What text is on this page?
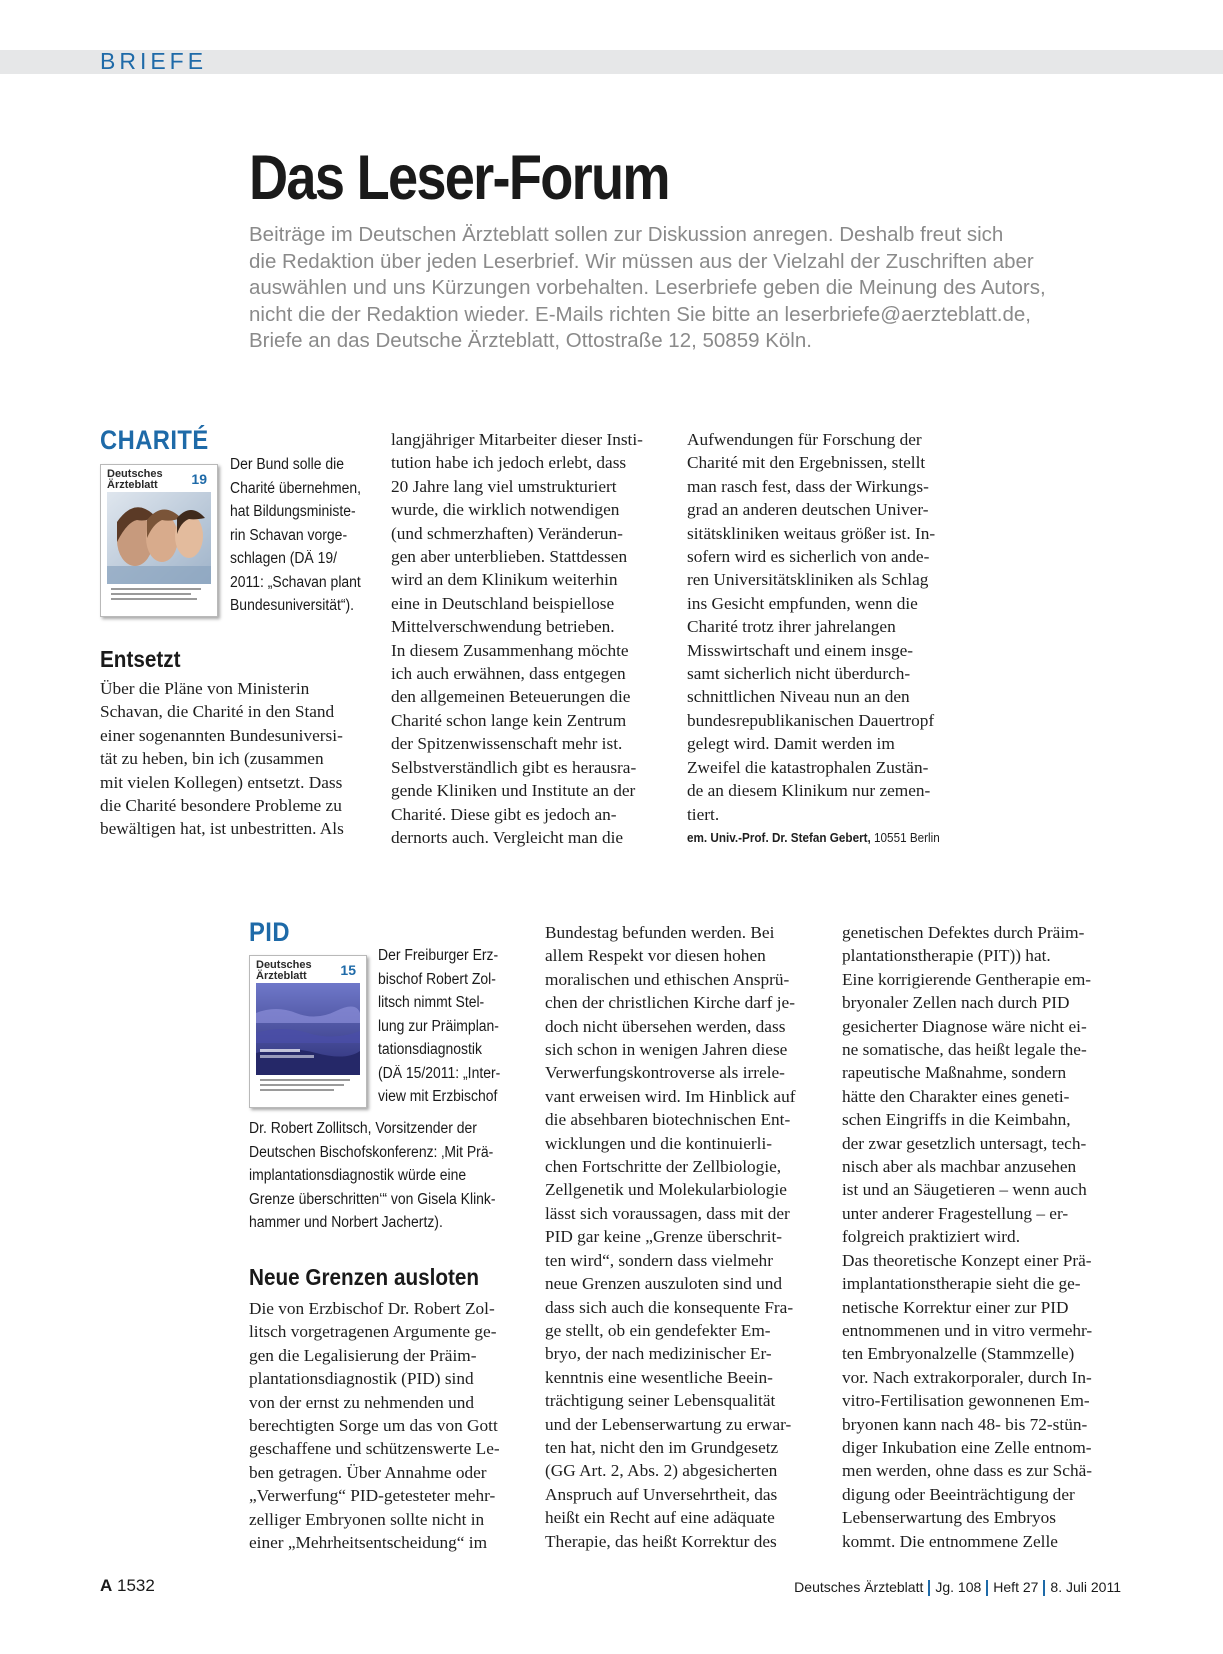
BRIEFE
Das Leser-Forum
Beiträge im Deutschen Ärzteblatt sollen zur Diskussion anregen. Deshalb freut sich
die Redaktion über jeden Leserbrief. Wir müssen aus der Vielzahl der Zuschriften aber
auswählen und uns Kürzungen vorbehalten. Leserbriefe geben die Meinung des Autors,
nicht die der Redaktion wieder. E-Mails richten Sie bitte an leserbriefe@aerzteblatt.de,
Briefe an das Deutsche Ärzteblatt, Ottostraße 12, 50859 Köln.
CHARITÉ
Deutsches
Ärzteblatt	19
Der Bund solle die
Charité übernehmen,
hat Bildungsministe-
rin Schavan vorge-
schlagen (DÄ 19/
2011: „Schavan plant
Bundesuniversität“).
Entsetzt
Über die Pläne von Ministerin
Schavan, die Charité in den Stand
einer sogenannten Bundesuniversi-
tät zu heben, bin ich (zusammen
mit vielen Kollegen) entsetzt. Dass
die Charité besondere Probleme zu
bewältigen hat, ist unbestritten. Als
langjähriger Mitarbeiter dieser Insti-
tution habe ich jedoch erlebt, dass
20 Jahre lang viel umstrukturiert
wurde, die wirklich notwendigen
(und schmerzhaften) Veränderun-
gen aber unterblieben. Stattdessen
wird an dem Klinikum weiterhin
eine in Deutschland beispiellose
Mittelverschwendung betrieben.
In diesem Zusammenhang möchte
ich auch erwähnen, dass entgegen
den allgemeinen Beteuerungen die
Charité schon lange kein Zentrum
der Spitzenwissenschaft mehr ist.
Selbstverständlich gibt es herausra-
gende Kliniken und Institute an der
Charité. Diese gibt es jedoch an-
dernorts auch. Vergleicht man die
Aufwendungen für Forschung der
Charité mit den Ergebnissen, stellt
man rasch fest, dass der Wirkungs-
grad an anderen deutschen Univer-
sitätskliniken weitaus größer ist. In-
sofern wird es sicherlich von ande-
ren Universitätskliniken als Schlag
ins Gesicht empfunden, wenn die
Charité trotz ihrer jahrelangen
Misswirtschaft und einem insge-
samt sicherlich nicht überdurch-
schnittlichen Niveau nun an den
bundesrepublikanischen Dauertropf
gelegt wird. Damit werden im
Zweifel die katastrophalen Zustän-
de an diesem Klinikum nur zemen-
tiert.
em. Univ.-Prof. Dr. Stefan Gebert, 10551 Berlin
PID
Deutsches
Ärzteblatt	15
Der Freiburger Erz-
bischof Robert Zol-
litsch nimmt Stel-
lung zur Präimplan-
tationsdiagnostik
(DÄ 15/2011: „Inter-
view mit Erzbischof
Dr. Robert Zollitsch, Vorsitzender der
Deutschen Bischofskonferenz: ‚Mit Prä-
implantationsdiagnostik würde eine
Grenze überschritten‘“ von Gisela Klink-
hammer und Norbert Jachertz).
Neue Grenzen ausloten
Die von Erzbischof Dr. Robert Zol-
litsch vorgetragenen Argumente ge-
gen die Legalisierung der Präim-
plantationsdiagnostik (PID) sind
von der ernst zu nehmenden und
berechtigten Sorge um das von Gott
geschaffene und schützenswerte Le-
ben getragen. Über Annahme oder
„Verwerfung“ PID-getesteter mehr-
zelliger Embryonen sollte nicht in
einer „Mehrheitsentscheidung“ im
Bundestag befunden werden. Bei
allem Respekt vor diesen hohen
moralischen und ethischen Ansprü-
chen der christlichen Kirche darf je-
doch nicht übersehen werden, dass
sich schon in wenigen Jahren diese
Verwerfungskontroverse als irrele-
vant erweisen wird. Im Hinblick auf
die absehbaren biotechnischen Ent-
wicklungen und die kontinuierli-
chen Fortschritte der Zellbiologie,
Zellgenetik und Molekularbiologie
lässt sich voraussagen, dass mit der
PID gar keine „Grenze überschrit-
ten wird“, sondern dass vielmehr
neue Grenzen auszuloten sind und
dass sich auch die konsequente Fra-
ge stellt, ob ein gendefekter Em-
bryo, der nach medizinischer Er-
kenntnis eine wesentliche Beein-
trächtigung seiner Lebensqualität
und der Lebenserwartung zu erwar-
ten hat, nicht den im Grundgesetz
(GG Art. 2, Abs. 2) abgesicherten
Anspruch auf Unversehrtheit, das
heißt ein Recht auf eine adäquate
Therapie, das heißt Korrektur des
genetischen Defektes durch Präim-
plantationstherapie (PIT)) hat.
Eine korrigierende Gentherapie em-
bryonaler Zellen nach durch PID
gesicherter Diagnose wäre nicht ei-
ne somatische, das heißt legale the-
rapeutische Maßnahme, sondern
hätte den Charakter eines geneti-
schen Eingriffs in die Keimbahn,
der zwar gesetzlich untersagt, tech-
nisch aber als machbar anzusehen
ist und an Säugetieren – wenn auch
unter anderer Fragestellung – er-
folgreich praktiziert wird.
Das theoretische Konzept einer Prä-
implantationstherapie sieht die ge-
netische Korrektur einer zur PID
entnommenen und in vitro vermehr-
ten Embryonalzelle (Stammzelle)
vor. Nach extrakorporaler, durch In-
vitro-Fertilisation gewonnenen Em-
bryonen kann nach 48- bis 72-stün-
diger Inkubation eine Zelle entnom-
men werden, ohne dass es zur Schä-
digung oder Beeinträchtigung der
Lebenserwartung des Embryos
kommt. Die entnommene Zelle
A 1532	Deutsches Ärzteblatt Jg. 108 Heft 27 8. Juli 2011
